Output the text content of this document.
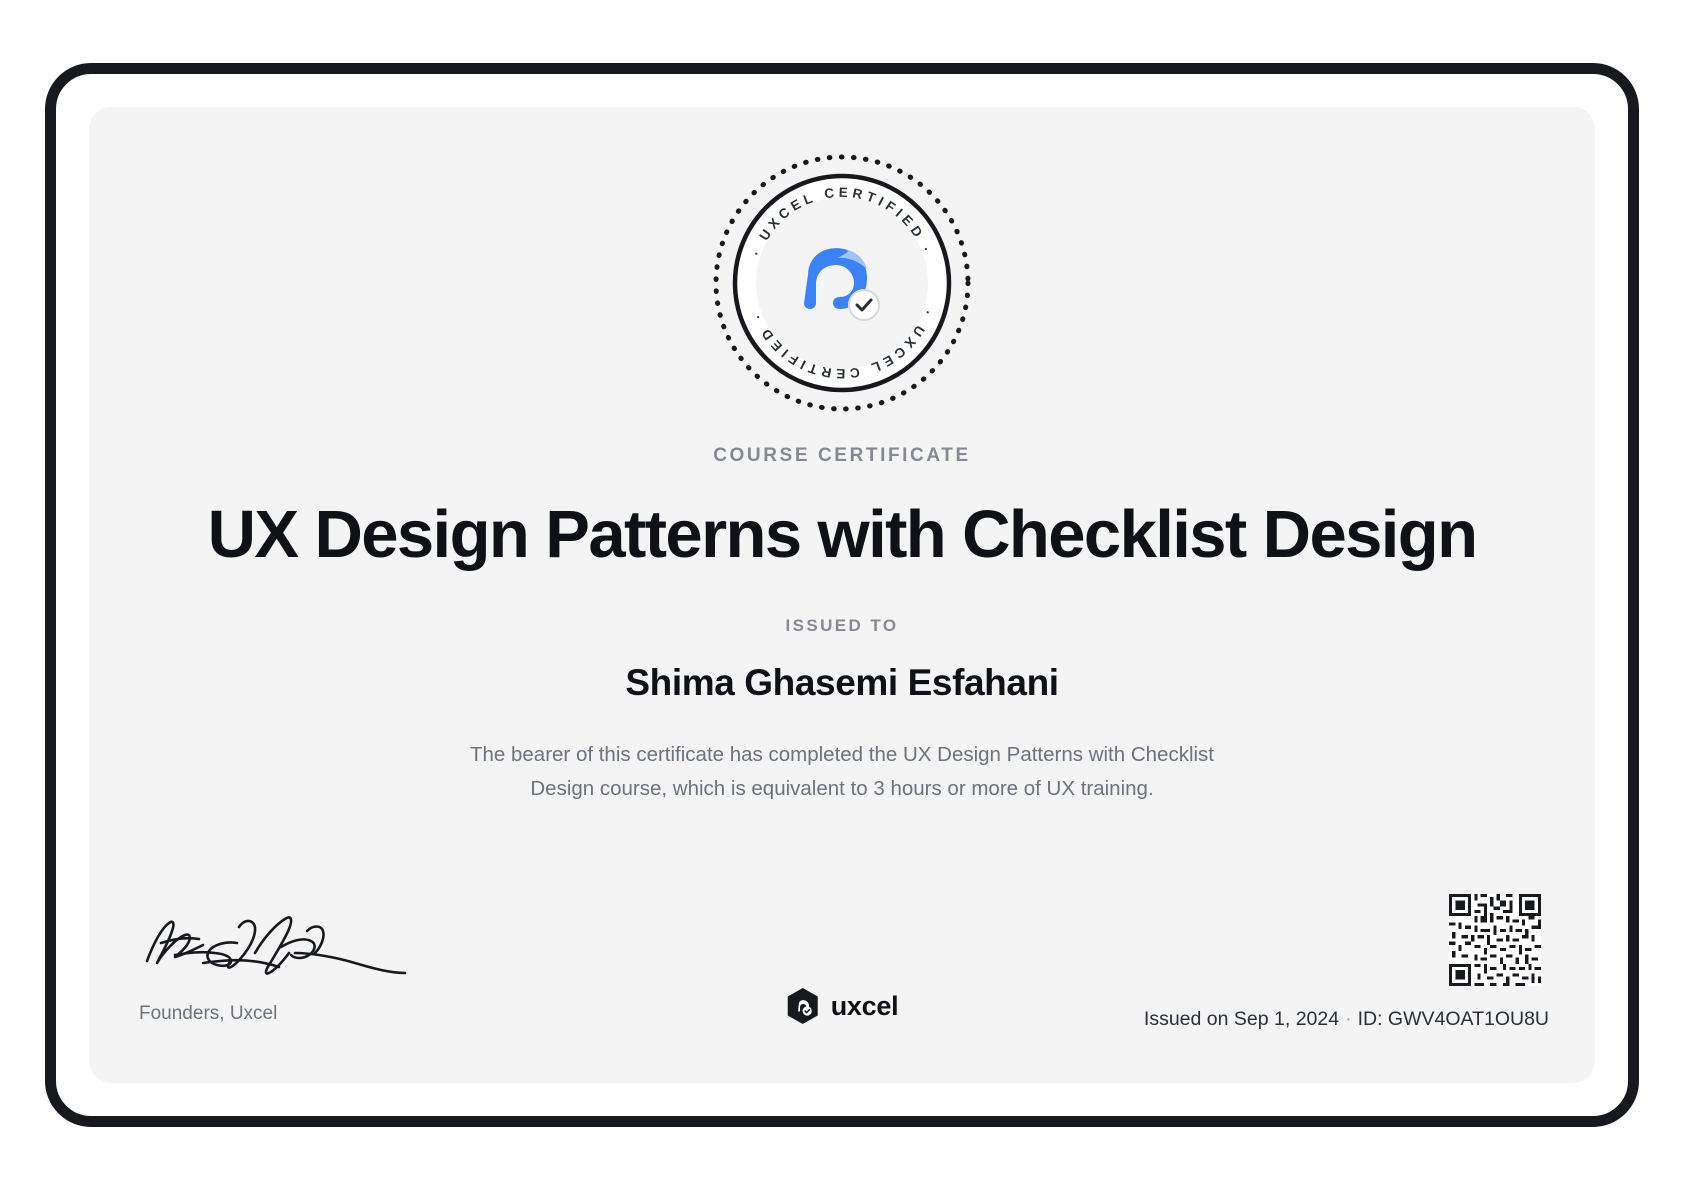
· UXCEL CERTIFIED ·
· UXCEL CERTIFIED ·
COURSE CERTIFICATE
UX Design Patterns with Checklist Design
ISSUED TO
Shima Ghasemi Esfahani

The bearer of this certificate has completed the UX Design Patterns with Checklist Design course, which is equivalent to 3 hours or more of UX training.

Founders, Uxcel	uxcel	Issued on Sep 1, 2024 · ID: GWV4OAT1OU8U
